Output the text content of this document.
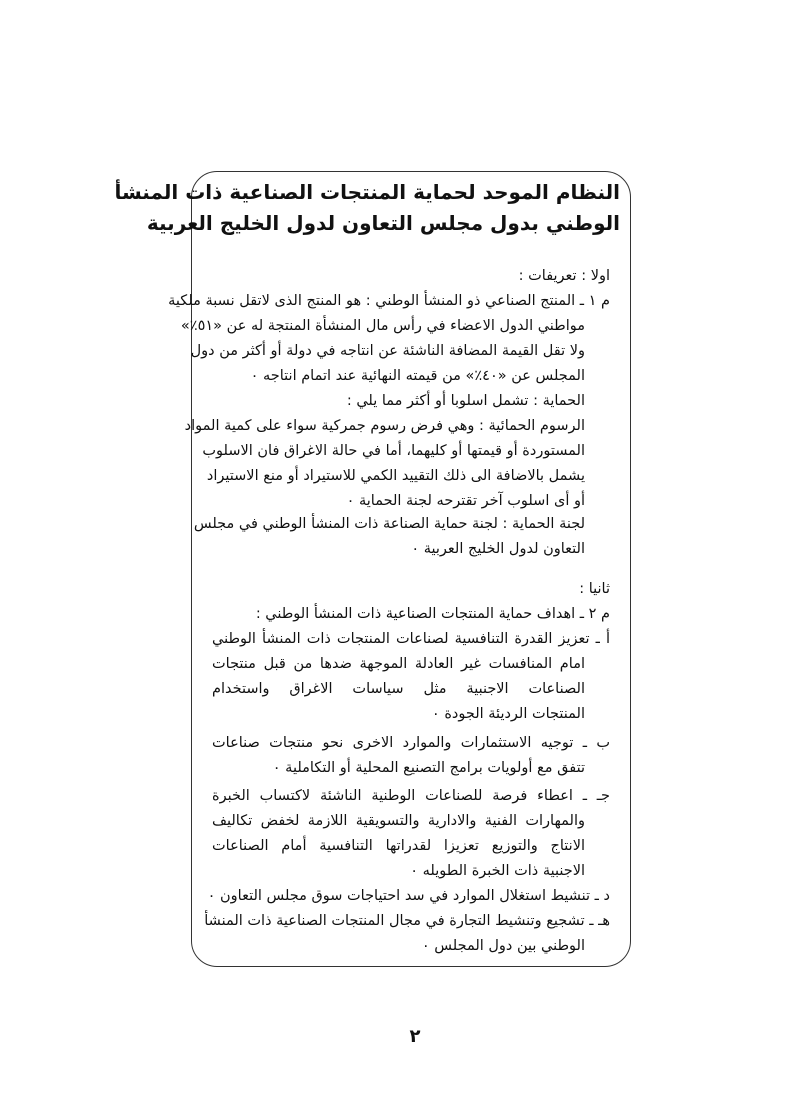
النظام الموحد لحماية المنتجات الصناعية ذات المنشأ
الوطني بدول مجلس التعاون لدول الخليج العربية
اولا : تعريفات :
م ١ ـ المنتج الصناعي ذو المنشأ الوطني : هو المنتج الذى لاتقل نسبة ملكية
مواطني الدول الاعضاء في رأس مال المنشأة المنتجة له عن «٥١٪»
ولا تقل القيمة المضافة الناشئة عن انتاجه في دولة أو أكثر من دول
المجلس عن «٤٠٪» من قيمته النهائية عند اتمام انتاجه ٠
الحماية : تشمل اسلوبا أو أكثر مما يلي :
الرسوم الحمائية : وهي فرض رسوم جمركية سواء على كمية المواد
المستوردة أو قيمتها أو كليهما، أما في حالة الاغراق فان الاسلوب
يشمل بالاضافة الى ذلك التقييد الكمي للاستيراد أو منع الاستيراد
أو أى اسلوب آخر تقترحه لجنة الحماية ٠
لجنة الحماية : لجنة حماية الصناعة ذات المنشأ الوطني في مجلس
التعاون لدول الخليج العربية ٠
ثانيا :
م ٢ ـ اهداف حماية المنتجات الصناعية ذات المنشأ الوطني :
أ ـ تعزيز القدرة التنافسية لصناعات المنتجات ذات المنشأ الوطني
امام المنافسات غير العادلة الموجهة ضدها من قبل منتجات
الصناعات الاجنبية مثل سياسات الاغراق واستخدام
المنتجات الرديئة الجودة ٠
ب ـ توجيه الاستثمارات والموارد الاخرى نحو منتجات صناعات
تتفق مع أولويات برامج التصنيع المحلية أو التكاملية ٠
جـ ـ اعطاء فرصة للصناعات الوطنية الناشئة لاكتساب الخبرة
والمهارات الفنية والادارية والتسويقية اللازمة لخفض تكاليف
الانتاج والتوزيع تعزيزا لقدراتها التنافسية أمام الصناعات
الاجنبية ذات الخبرة الطويله ٠
د ـ تنشيط استغلال الموارد في سد احتياجات سوق مجلس التعاون ٠
هـ ـ تشجيع وتنشيط التجارة في مجال المنتجات الصناعية ذات المنشأ
الوطني بين دول المجلس ٠
٢
